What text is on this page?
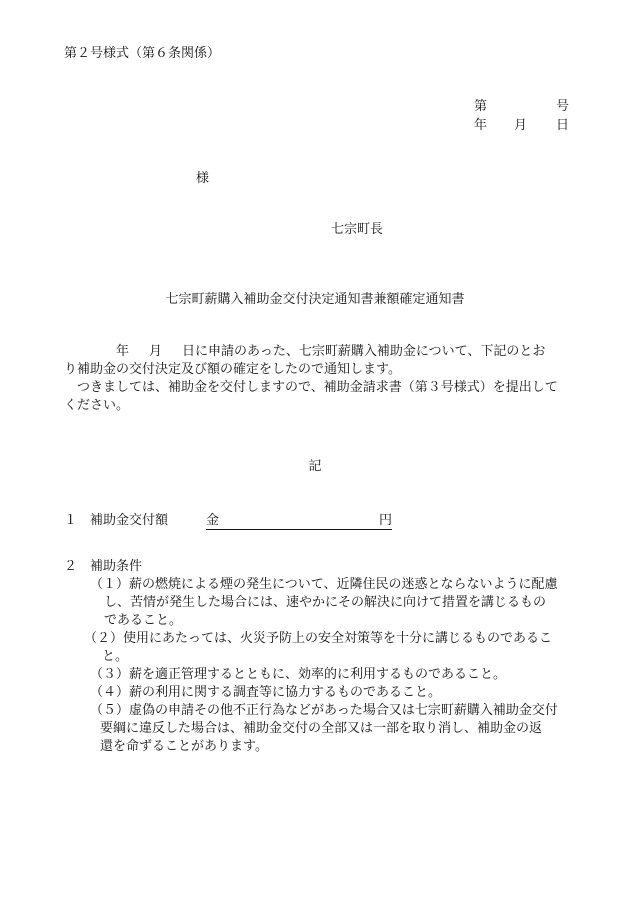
第２号様式（第６条関係）
第	号
年 月 日
様
七宗町長
七宗町薪購入補助金交付決定通知書兼額確定通知書

年 月 日に申請のあった、七宗町薪購入補助金について、下記のとお
り補助金の交付決定及び額の確定をしたので通知します。

　つきましては、補助金を交付しますので、補助金請求書（第３号様式）を提出して
ください。

記
１ 補助金交付額	金	円
２ 補助条件
（１）薪の燃焼による煙の発生について、近隣住民の迷惑とならないように配慮
し、苦情が発生した場合には、速やかにその解決に向けて措置を講じるもの
であること。
（２）使用にあたっては、火災予防上の安全対策等を十分に講じるものであるこ
と。
（３）薪を適正管理するとともに、効率的に利用するものであること。
（４）薪の利用に関する調査等に協力するものであること。
（５）虚偽の申請その他不正行為などがあった場合又は七宗町薪購入補助金交付
要綱に違反した場合は、補助金交付の全部又は一部を取り消し、補助金の返
還を命ずることがあります。
